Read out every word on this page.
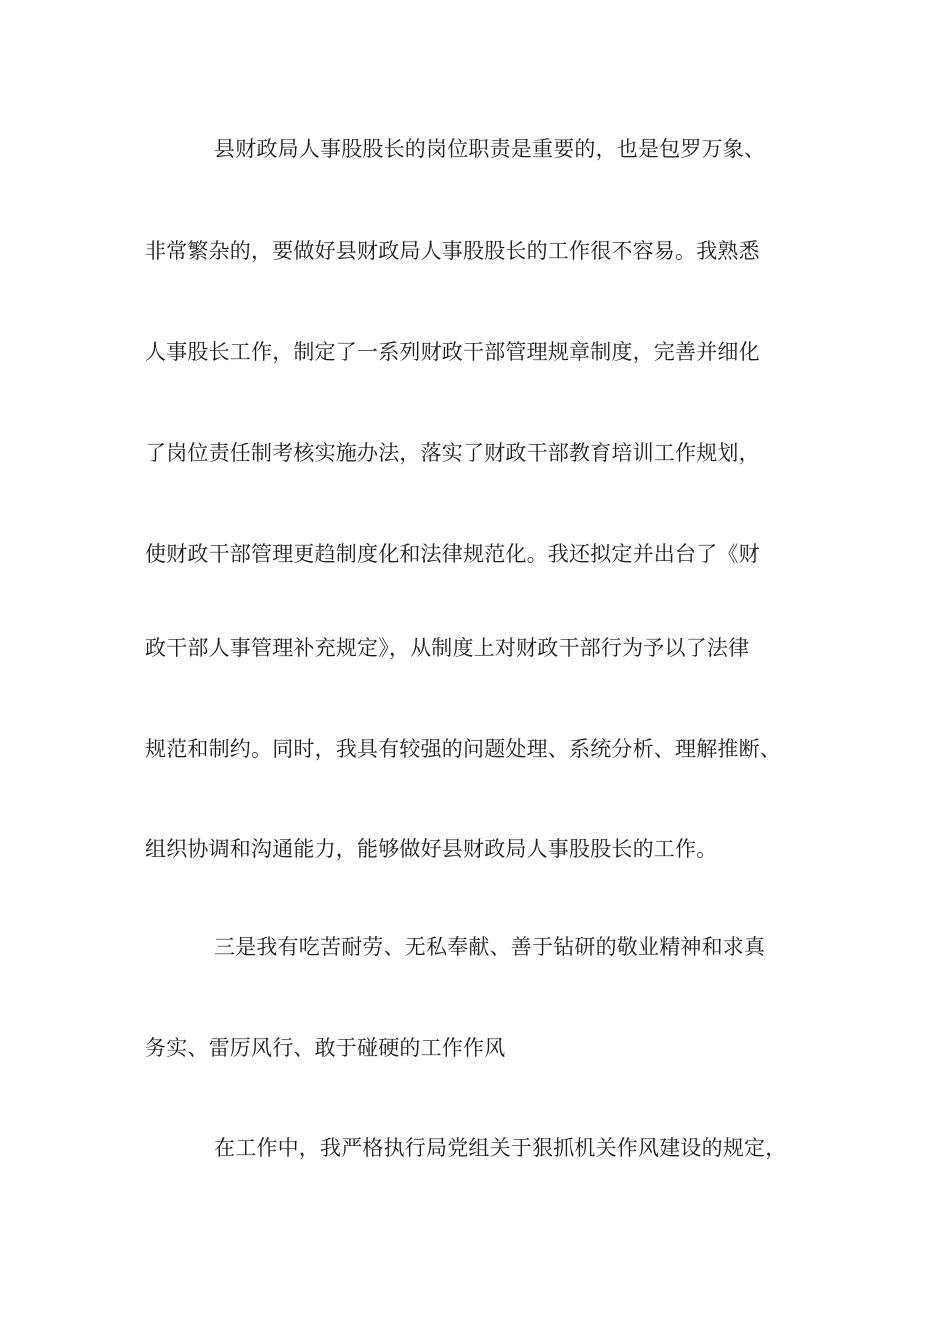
县财政局人事股股长的岗位职责是重要的，也是包罗万象、

非常繁杂的，要做好县财政局人事股股长的工作很不容易。我熟悉

人事股长工作，制定了一系列财政干部管理规章制度，完善并细化

了岗位责任制考核实施办法，落实了财政干部教育培训工作规划，

使财政干部管理更趋制度化和法律规范化。我还拟定并出台了《财

政干部人事管理补充规定》，从制度上对财政干部行为予以了法律

规范和制约。同时，我具有较强的问题处理、系统分析、理解推断、

组织协调和沟通能力，能够做好县财政局人事股股长的工作。

三是我有吃苦耐劳、无私奉献、善于钻研的敬业精神和求真

务实、雷厉风行、敢于碰硬的工作作风

在工作中，我严格执行局党组关于狠抓机关作风建设的规定，
